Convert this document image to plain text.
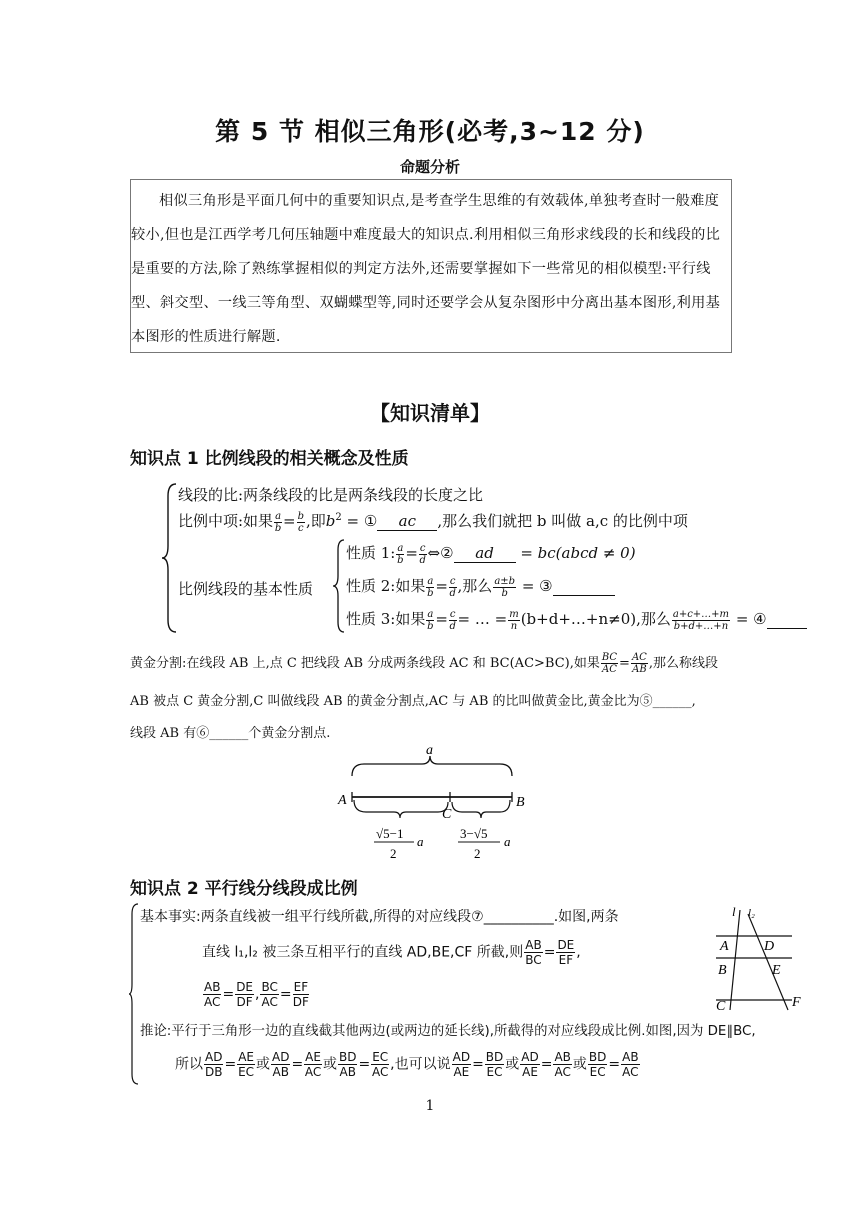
第 5 节 相似三角形(必考,3~12 分)
命题分析
相似三角形是平面几何中的重要知识点,是考查学生思维的有效载体,单独考查时一般难度较小,但也是江西学考几何压轴题中难度最大的知识点.利用相似三角形求线段的长和线段的比是重要的方法,除了熟练掌握相似的判定方法外,还需要掌握如下一些常见的相似模型:平行线型、斜交型、一线三等角型、双蝴蝶型等,同时还要学会从复杂图形中分离出基本图形,利用基本图形的性质进行解题.
【知识清单】
知识点 1 比例线段的相关概念及性质
线段的比:两条线段的比是两条线段的长度之比
比例中项:如果 $\frac{a}{b} = \frac{b}{c}$ ,即$b^2$ = ① ac ,那么我们就把 b 叫做 a,c 的比例中项
比例线段的基本性质
性质 1: $\frac{a}{b} = \frac{c}{d}$ ⇔② ad = bc(abcd ≠ 0)
性质 2:如果 $\frac{a}{b} = \frac{c}{d}$ ,那么 $\frac{a\pm b}{b}$ = ③
性质 3:如果 $\frac{a}{b} = \frac{c}{d}$ = … = $\frac{m}{n}$ (b+d+…+n≠0),那么 $\frac{a+c+\dots+m}{b+d+\dots+n}$ = ④
黄金分割:在线段 AB 上,点 C 把线段 AB 分成两条线段 AC 和 BC(AC>BC),如果 $\frac{BC}{AC} = \frac{AC}{AB}$ ,那么称线段
AB 被点 C 黄金分割,C 叫做线段 AB 的黄金分割点,AC 与 AB 的比叫做黄金比,黄金比为⑤______,
线段 AB 有⑥______个黄金分割点.
a
A	B
C
√5−1
2
a
3−√5
2
a
知识点 2 平行线分线段成比例
基本事实:两条直线被一组平行线所截,所得的对应线段⑦__________.如图,两条
直线 l₁,l₂ 被三条互相平行的直线 AD,BE,CF 所截,则 $\frac{AB}{BC} = \frac{DE}{EF}$ ,
$\frac{AB}{AC} = \frac{DE}{DF}$ , $\frac{BC}{AC} = \frac{EF}{DF}$
推论:平行于三角形一边的直线截其他两边(或两边的延长线),所截得的对应线段成比例.如图,因为 DE∥BC,
所以 $\frac{AD}{DB} = \frac{AE}{EC}$ 或 $\frac{AD}{AB} = \frac{AE}{AC}$ 或 $\frac{BD}{AB} = \frac{EC}{AC}$ ,也可以说 $\frac{AD}{AE} = \frac{BD}{EC}$ 或 $\frac{AD}{AE} = \frac{AB}{AC}$ 或 $\frac{BD}{EC} = \frac{AB}{AC}$
l l₂
A
B
C
D
E
F
1
